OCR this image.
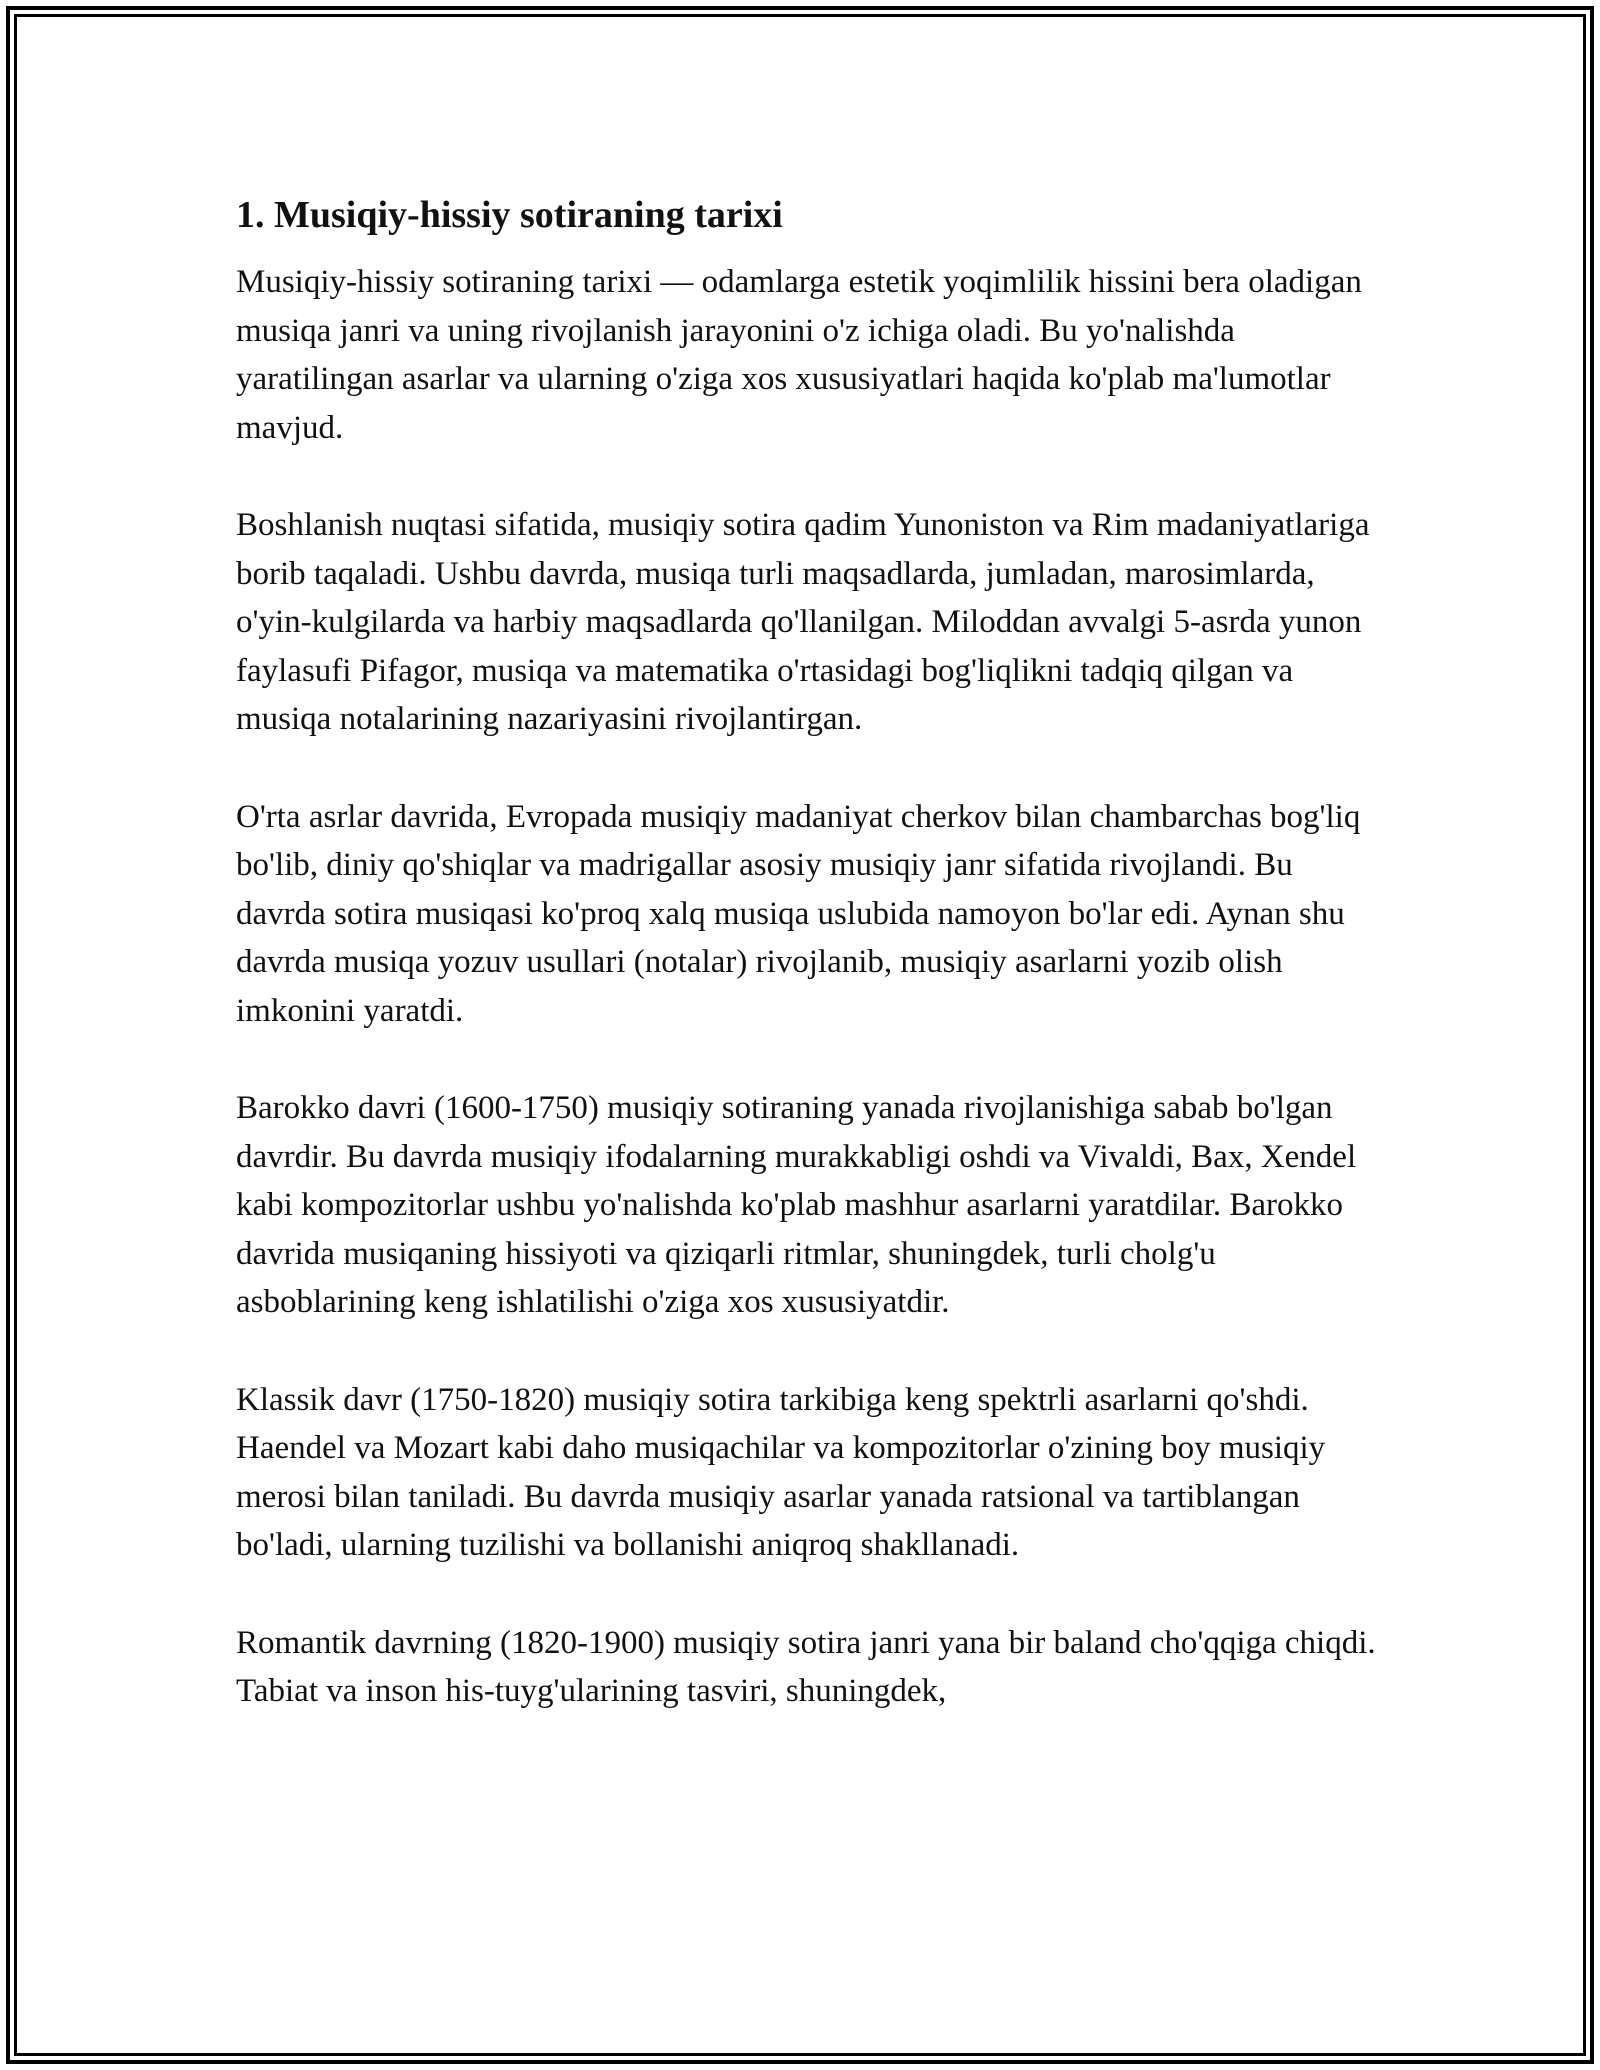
1. Musiqiy-hissiy sotiraning tarixi

Musiqiy-hissiy sotiraning tarixi — odamlarga estetik yoqimlilik hissini bera oladigan musiqa janri va uning rivojlanish jarayonini o'z ichiga oladi. Bu yo'nalishda yaratilingan asarlar va ularning o'ziga xos xususiyatlari haqida ko'plab ma'lumotlar mavjud.

Boshlanish nuqtasi sifatida, musiqiy sotira qadim Yunoniston va Rim madaniyatlariga borib taqaladi. Ushbu davrda, musiqa turli maqsadlarda, jumladan, marosimlarda, o'yin-kulgilarda va harbiy maqsadlarda qo'llanilgan. Miloddan avvalgi 5-asrda yunon faylasufi Pifagor, musiqa va matematika o'rtasidagi bog'liqlikni tadqiq qilgan va musiqa notalarining nazariyasini rivojlantirgan.

O'rta asrlar davrida, Evropada musiqiy madaniyat cherkov bilan chambarchas bog'liq bo'lib, diniy qo'shiqlar va madrigallar asosiy musiqiy janr sifatida rivojlandi. Bu davrda sotira musiqasi ko'proq xalq musiqa uslubida namoyon bo'lar edi. Aynan shu davrda musiqa yozuv usullari (notalar) rivojlanib, musiqiy asarlarni yozib olish imkonini yaratdi.

Barokko davri (1600-1750) musiqiy sotiraning yanada rivojlanishiga sabab bo'lgan davrdir. Bu davrda musiqiy ifodalarning murakkabligi oshdi va Vivaldi, Bax, Xendel kabi kompozitorlar ushbu yo'nalishda ko'plab mashhur asarlarni yaratdilar. Barokko davrida musiqaning hissiyoti va qiziqarli ritmlar, shuningdek, turli cholg'u asboblarining keng ishlatilishi o'ziga xos xususiyatdir.

Klassik davr (1750-1820) musiqiy sotira tarkibiga keng spektrli asarlarni qo'shdi. Haendel va Mozart kabi daho musiqachilar va kompozitorlar o'zining boy musiqiy merosi bilan taniladi. Bu davrda musiqiy asarlar yanada ratsional va tartiblangan bo'ladi, ularning tuzilishi va bollanishi aniqroq shakllanadi.

Romantik davrning (1820-1900) musiqiy sotira janri yana bir baland cho'qqiga chiqdi. Tabiat va inson his-tuyg'ularining tasviri, shuningdek,
